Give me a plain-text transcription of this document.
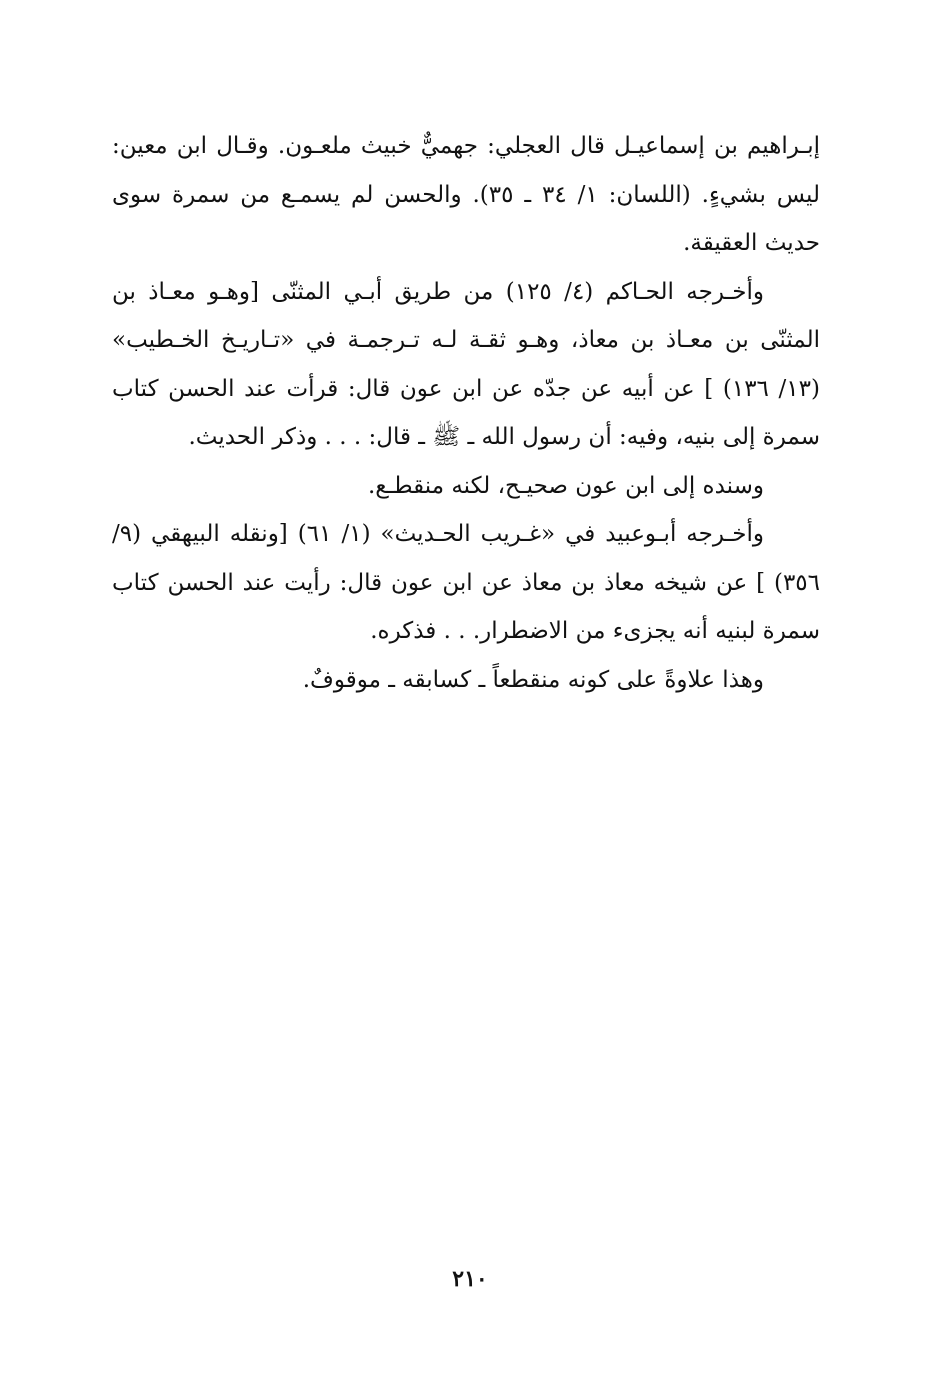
إبـراهيم بن إسماعيـل قال العجلي: جهميٌّ خبيث ملعـون. وقـال ابن معين: ليس بشيءٍ. (اللسان: ١/ ٣٤ ـ ٣٥). والحسن لم يسمـع من سمرة سوى حديث العقيقة.

وأخـرجه الحـاكم (٤/ ١٢٥) من طريق أبـي المثنّى [وهـو معـاذ بن المثنّى بن معـاذ بن معاذ، وهـو ثقـة لـه تـرجمـة في «تـاريـخ الخـطيب» (١٣/ ١٣٦) ] عن أبيه عن جدّه عن ابن عون قال: قرأت عند الحسن كتاب سمرة إلى بنيه، وفيه: أن رسول الله ـ ﷺ ـ قال: . . . وذكر الحديث.

وسنده إلى ابن عون صحيـح، لكنه منقطـع.

وأخـرجه أبـوعبيد في «غـريب الحـديث» (١/ ٦١) [ونقله البيهقي (٩/ ٣٥٦) ] عن شيخه معاذ بن معاذ عن ابن عون قال: رأيت عند الحسن كتاب سمرة لبنيه أنه يجزىء من الاضطرار. . . فذكره.

وهذا علاوةً على كونه منقطعاً ـ كسابقه ـ موقوفٌ.

٢١٠
